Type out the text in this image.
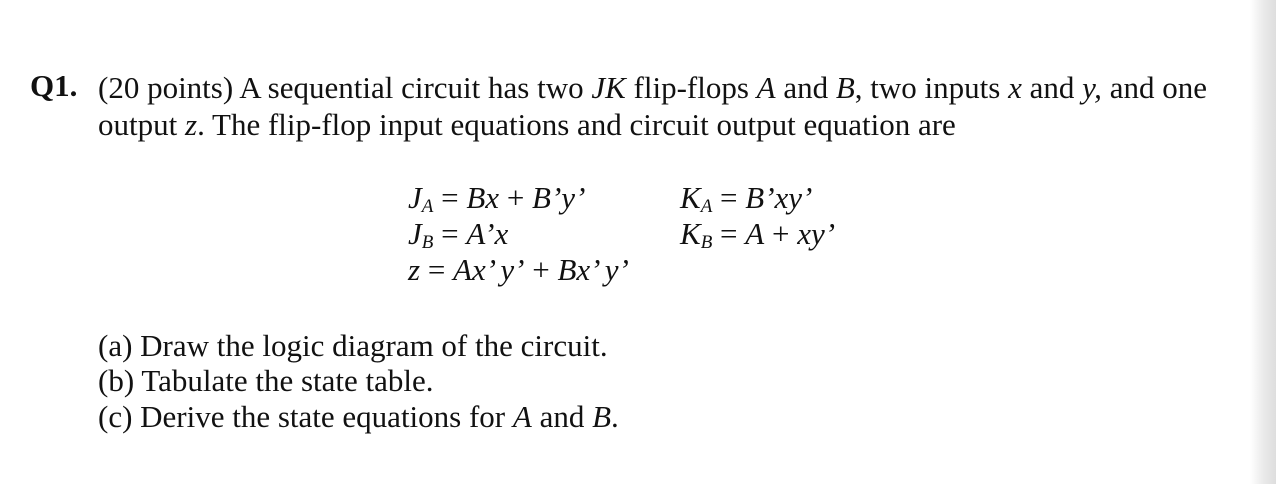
Q1. (20 points) A sequential circuit has two JK flip-flops A and B, two inputs x and y, and one
output z. The flip-flop input equations and circuit output equation are
$J_A = Bx$ + B’y’
$J_B$ = A’x
z = Ax’ y’ + Bx’ y’
$K_A$ = B’xy’
$K_B = A$ + xy’
(a) Draw the logic diagram of the circuit.
(b) Tabulate the state table.
(c) Derive the state equations for A and B.
